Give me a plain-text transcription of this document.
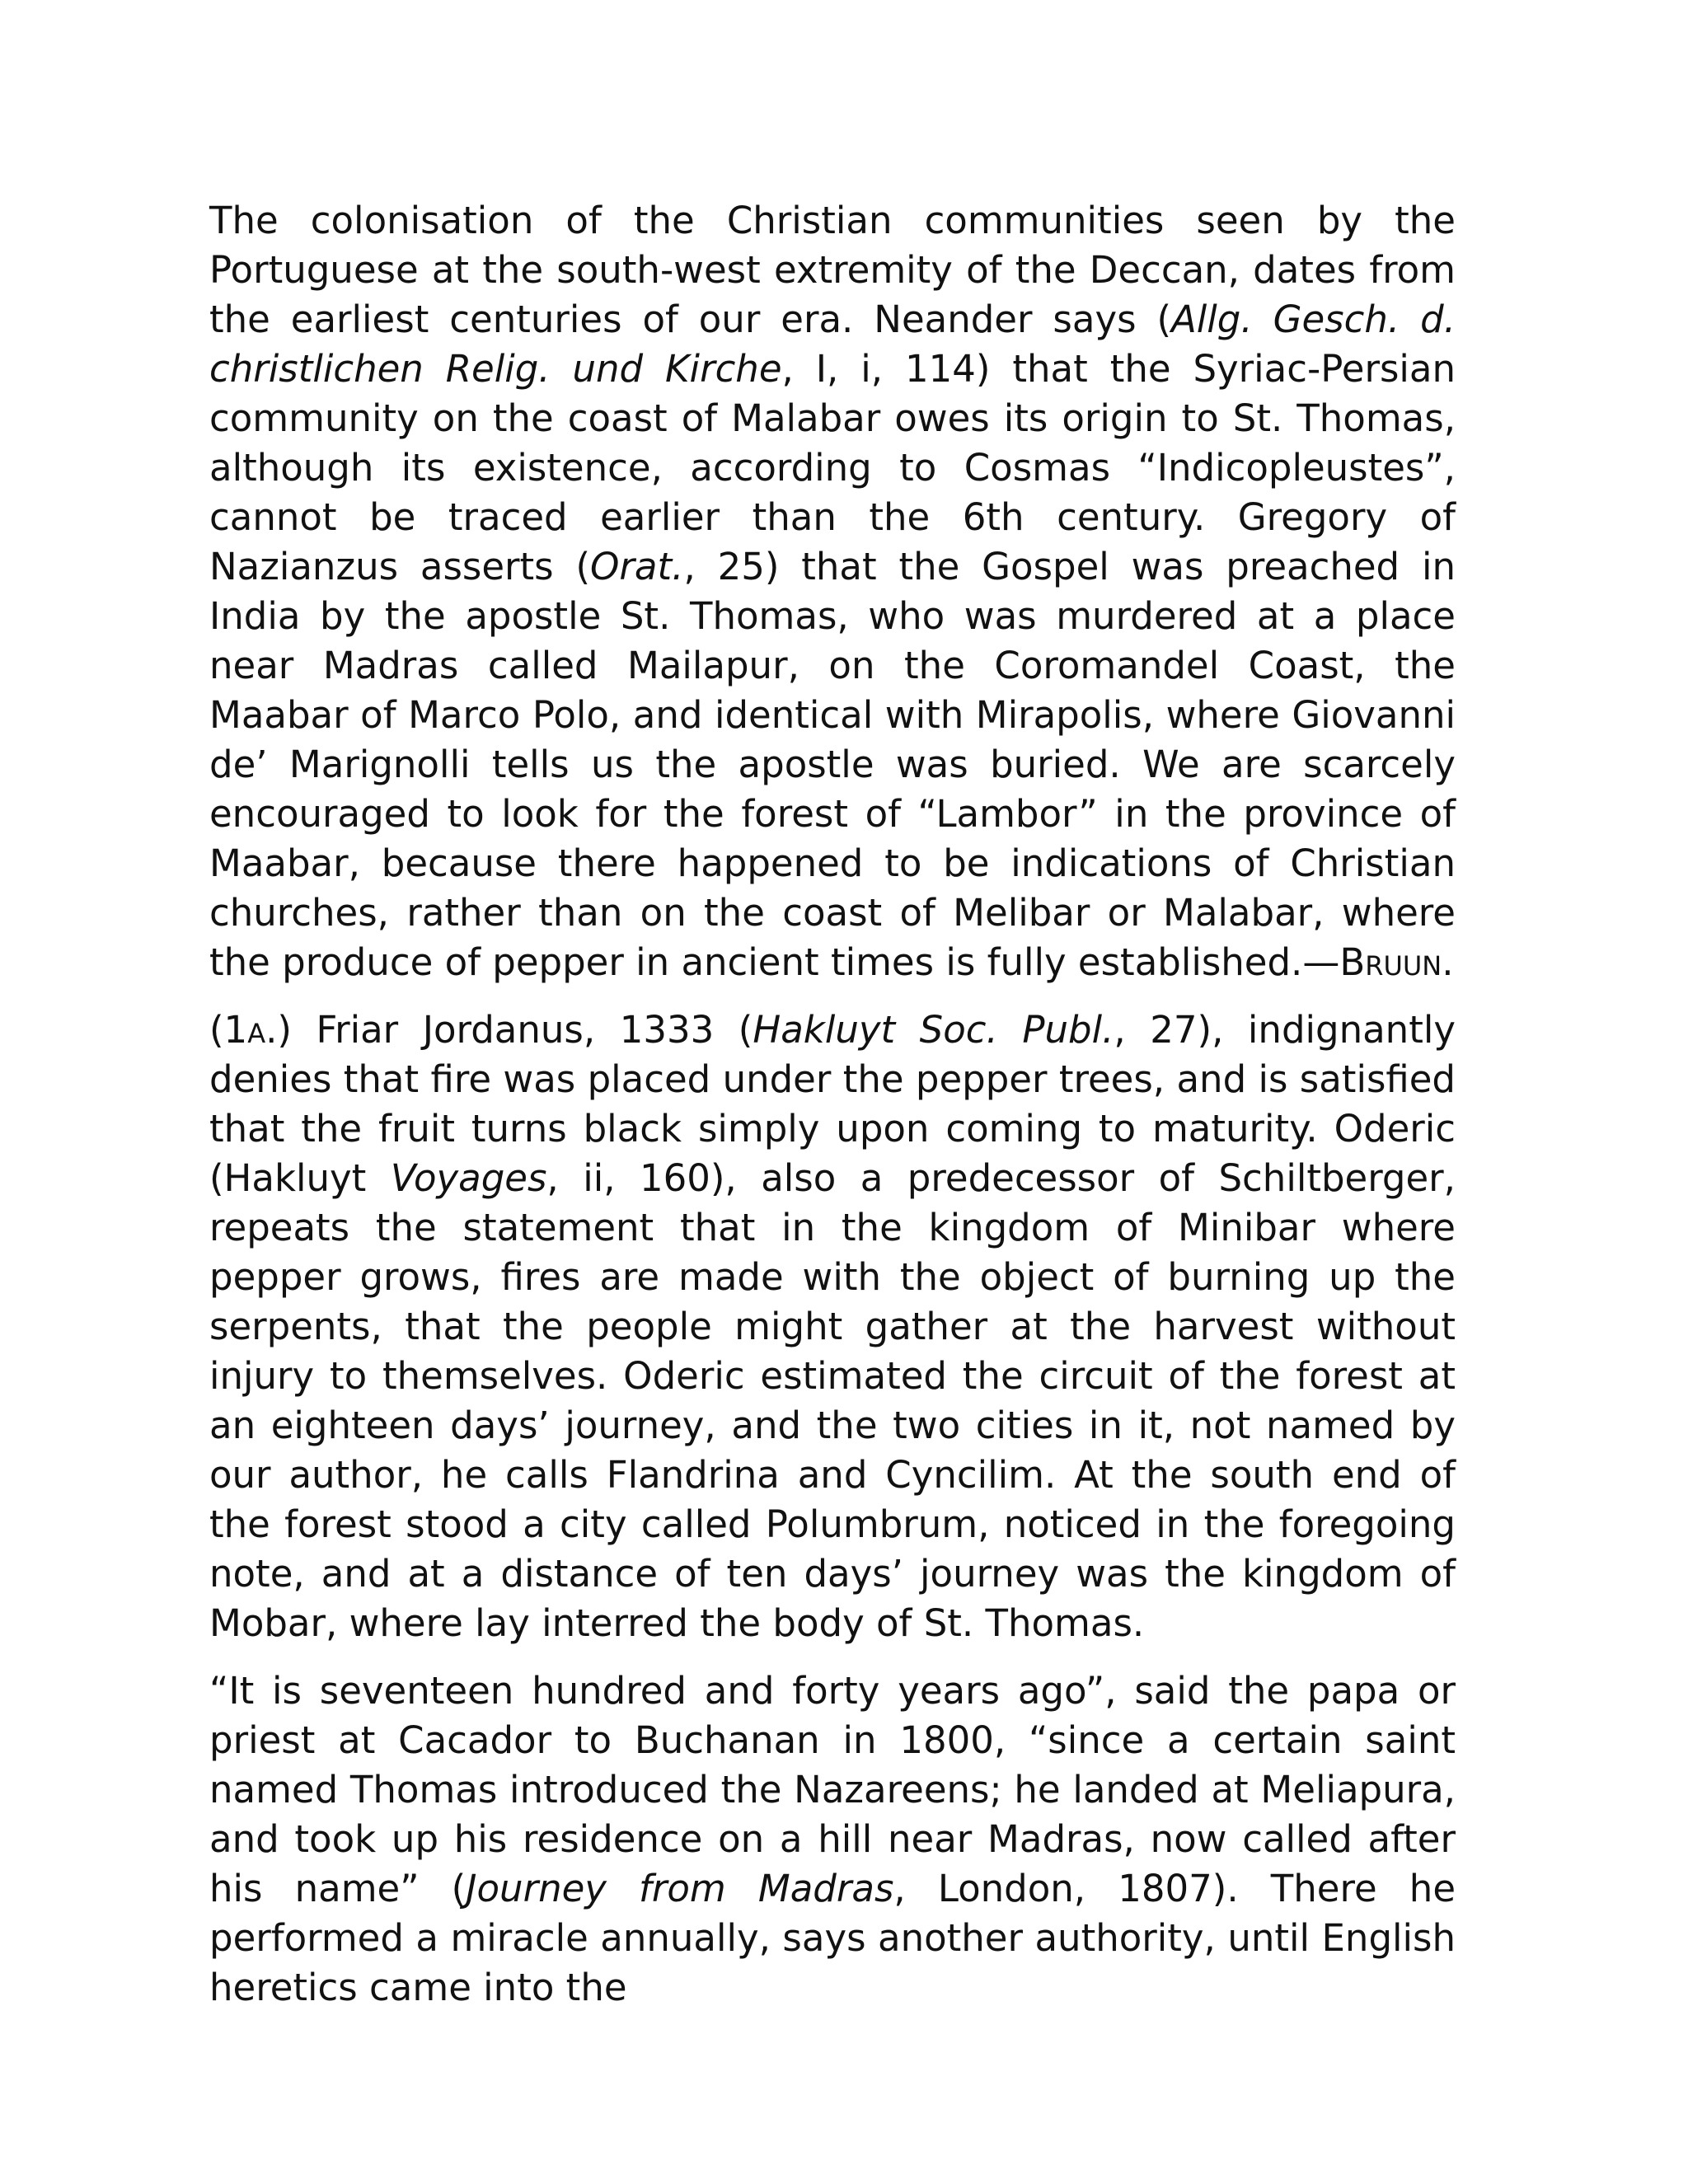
The colonisation of the Christian communities seen by the Portuguese at the south-west extremity of the Deccan, dates from the earliest centuries of our era. Neander says (Allg. Gesch. d. christlichen Relig. und Kirche, I, i, 114) that the Syriac-Persian community on the coast of Malabar owes its origin to St. Thomas, although its existence, according to Cosmas “Indicopleustes”, cannot be traced earlier than the 6th century. Gregory of Nazianzus asserts (Orat., 25) that the Gospel was preached in India by the apostle St. Thomas, who was murdered at a place near Madras called Mailapur, on the Coromandel Coast, the Maabar of Marco Polo, and identical with Mirapolis, where Giovanni de’ Marignolli tells us the apostle was buried. We are scarcely encouraged to look for the forest of “Lambor” in the province of Maabar, because there happened to be indications of Christian churches, rather than on the coast of Melibar or Malabar, where the produce of pepper in ancient times is fully established.—Bruun.

(1a.) Friar Jordanus, 1333 (Hakluyt Soc. Publ., 27), indignantly denies that fire was placed under the pepper trees, and is satisfied that the fruit turns black simply upon coming to maturity. Oderic (Hakluyt Voyages, ii, 160), also a predecessor of Schiltberger, repeats the statement that in the kingdom of Minibar where pepper grows, fires are made with the object of burning up the serpents, that the people might gather at the harvest without injury to themselves. Oderic estimated the circuit of the forest at an eighteen days’ journey, and the two cities in it, not named by our author, he calls Flandrina and Cyncilim. At the south end of the forest stood a city called Polumbrum, noticed in the foregoing note, and at a distance of ten days’ journey was the kingdom of Mobar, where lay interred the body of St. Thomas.

“It is seventeen hundred and forty years ago”, said the papa or priest at Cacador to Buchanan in 1800, “since a certain saint named Thomas introduced the Nazareens; he landed at Meliapura, and took up his residence on a hill near Madras, now called after his name” (Journey from Madras, London, 1807). There he performed a miracle annually, says another authority, until English heretics came into the
